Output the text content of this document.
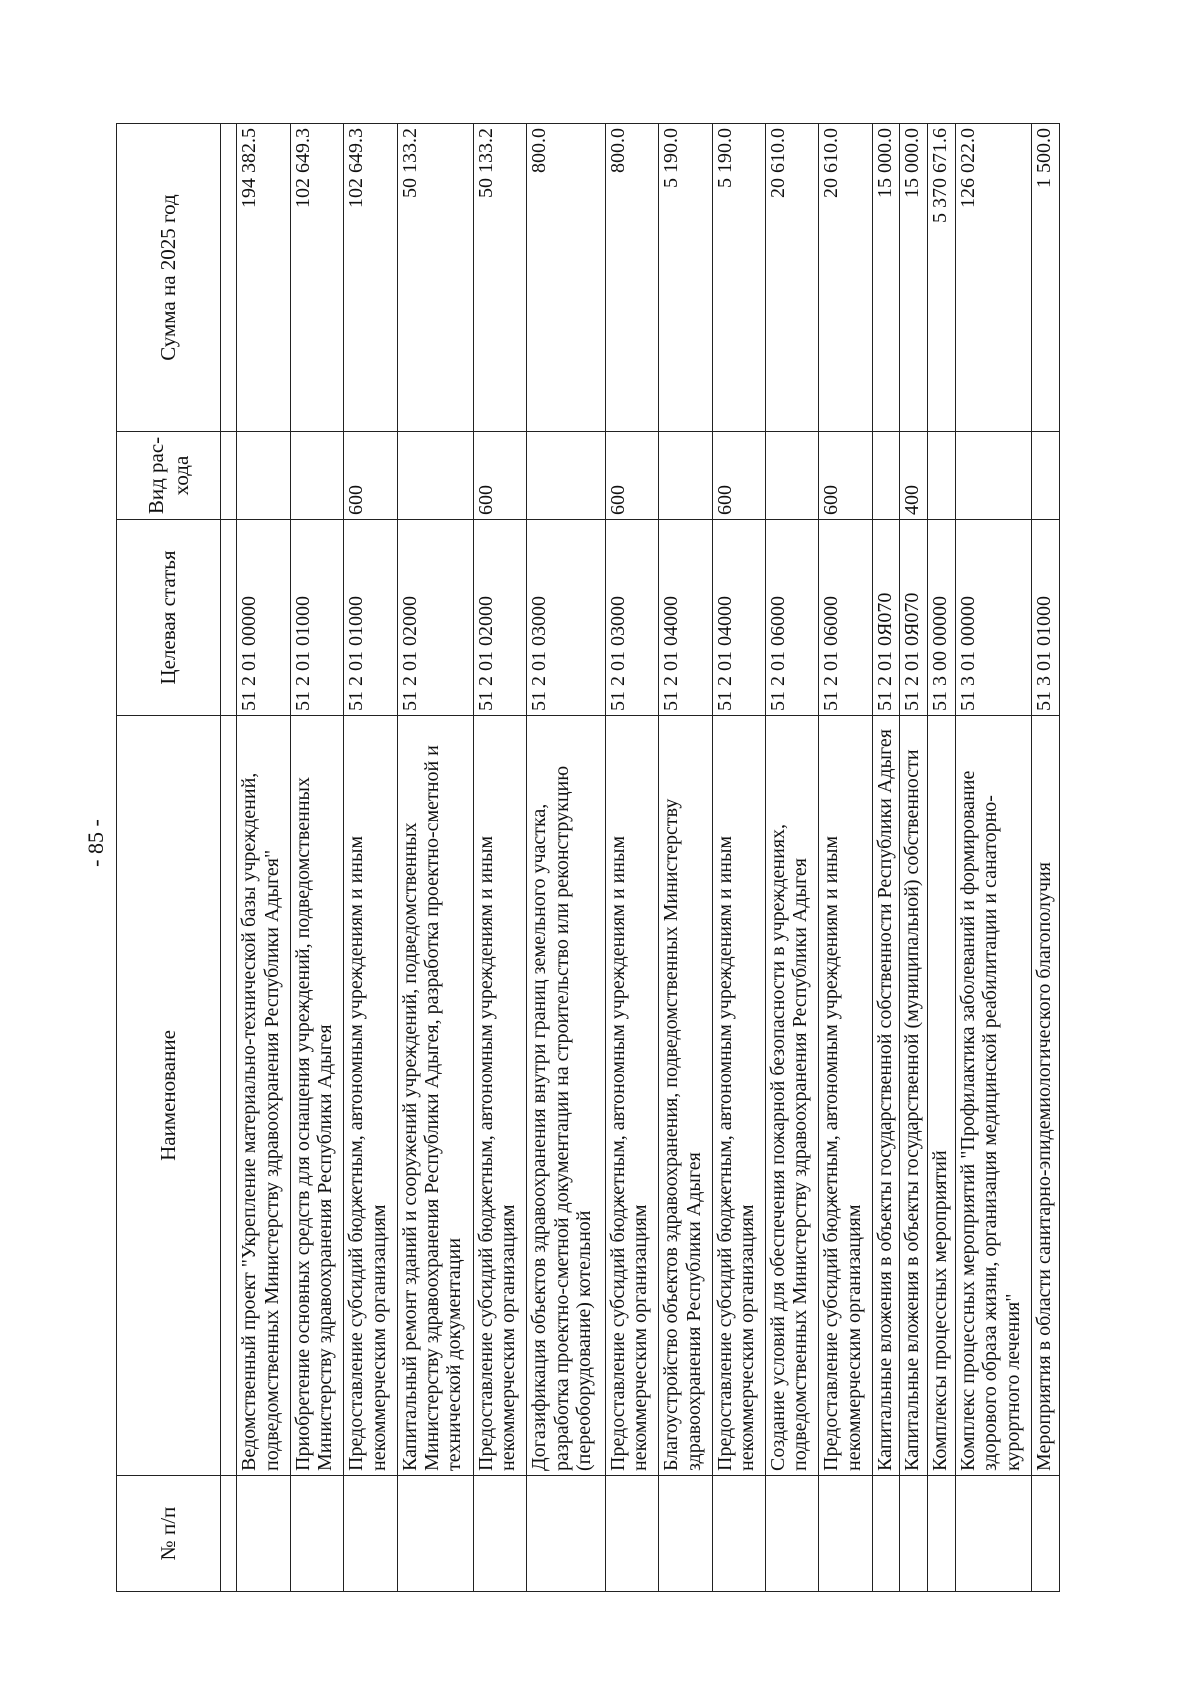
- 85 -
№ п/п	Наименование	Целевая статья	Вид рас-хода	Сумма на 2025 год

	Ведомственный проект "Укрепление материально-технической базы учреждений, подведомственных Министерству здравоохранения Республики Адыгея"	51 2 01 00000		194 382.5
	Приобретение основных средств для оснащения учреждений, подведомственных Министерству здравоохранения Республики Адыгея	51 2 01 01000		102 649.3
	Предоставление субсидий бюджетным, автономным учреждениям и иным некоммерческим организациям	51 2 01 01000	600	102 649.3
	Капитальный ремонт зданий и сооружений учреждений, подведомственных Министерству здравоохранения Республики Адыгея, разработка проектно-сметной и технической документации	51 2 01 02000		50 133.2
	Предоставление субсидий бюджетным, автономным учреждениям и иным некоммерческим организациям	51 2 01 02000	600	50 133.2
	Догазификация объектов здравоохранения внутри границ земельного участка, разработка проектно-сметной документации на строительство или реконструкцию (переоборудование) котельной	51 2 01 03000		800.0
	Предоставление субсидий бюджетным, автономным учреждениям и иным некоммерческим организациям	51 2 01 03000	600	800.0
	Благоустройство объектов здравоохранения, подведомственных Министерству здравоохранения Республики Адыгея	51 2 01 04000		5 190.0
	Предоставление субсидий бюджетным, автономным учреждениям и иным некоммерческим организациям	51 2 01 04000	600	5 190.0
	Создание условий для обеспечения пожарной безопасности в учреждениях, подведомственных Министерству здравоохранения Республики Адыгея	51 2 01 06000		20 610.0
	Предоставление субсидий бюджетным, автономным учреждениям и иным некоммерческим организациям	51 2 01 06000	600	20 610.0
	Капитальные вложения в объекты государственной собственности Республики Адыгея	51 2 01 0Я070		15 000.0
	Капитальные вложения в объекты государственной (муниципальной) собственности	51 2 01 0Я070	400	15 000.0
	Комплексы процессных мероприятий	51 3 00 00000		5 370 671.6
	Комплекс процессных мероприятий "Профилактика заболеваний и формирование здорового образа жизни, организация медицинской реабилитации и санаторно-курортного лечения"	51 3 01 00000		126 022.0
	Мероприятия в области санитарно-эпидемиологического благополучия	51 3 01 01000		1 500.0
